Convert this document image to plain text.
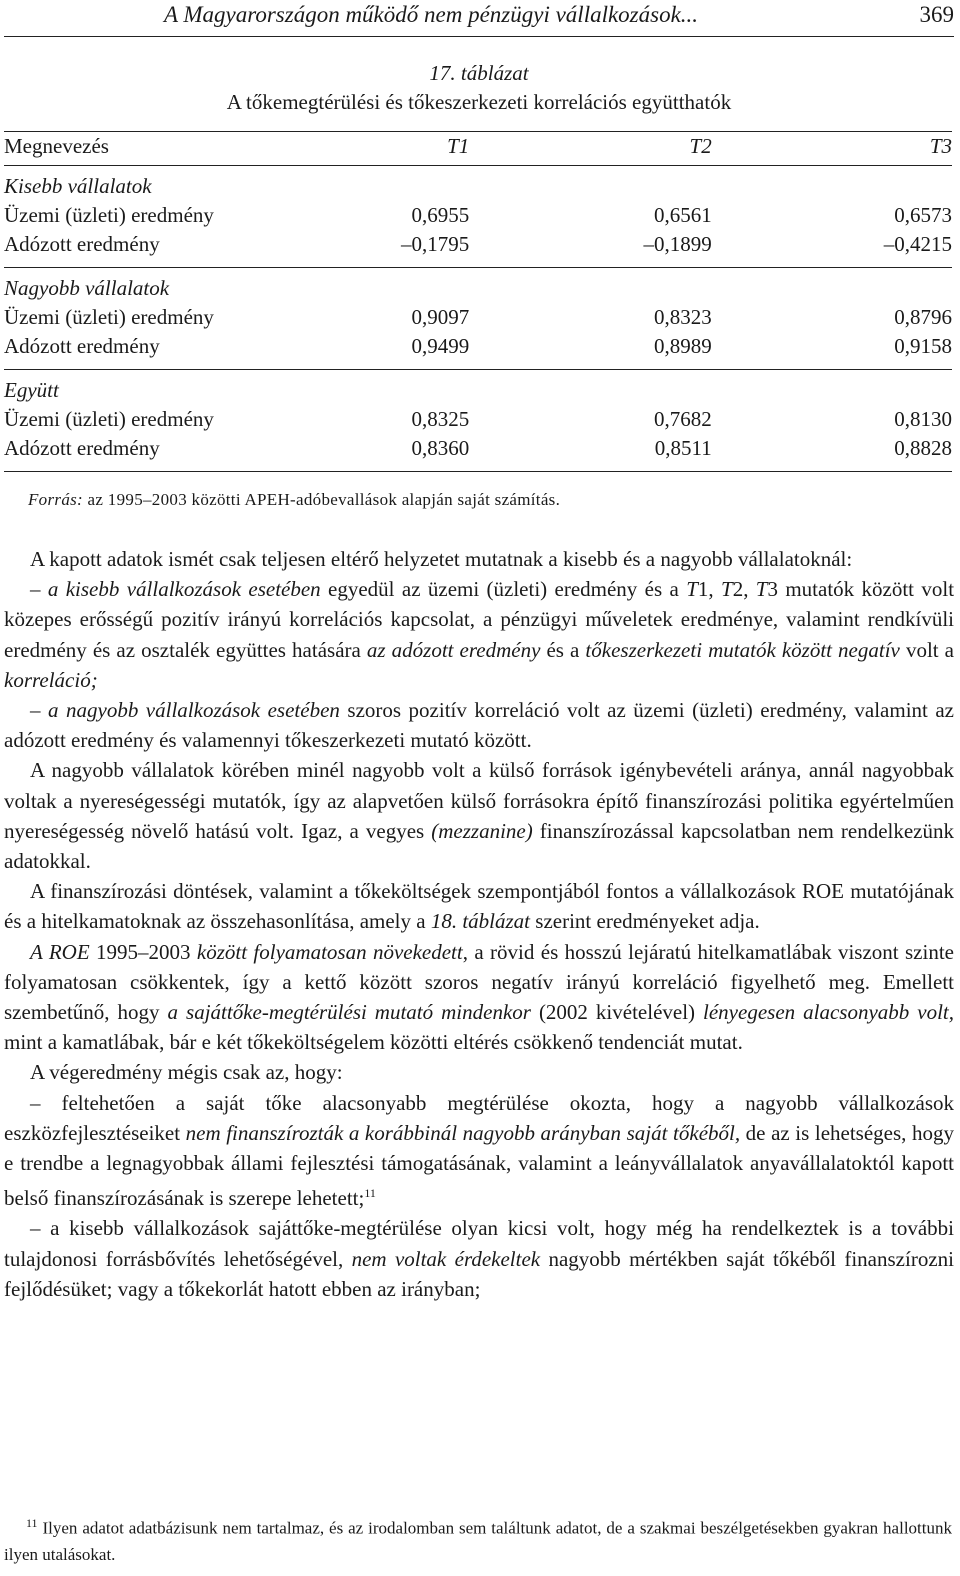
A Magyarországon működő nem pénzügyi vállalkozások...	369
17. táblázat
A tőkemegtérülési és tőkeszerkezeti korrelációs együtthatók

Megnevezés	T1	T2	T3

Kisebb vállalatok			
Üzemi (üzleti) eredmény	0,6955	0,6561	0,6573
Adózott eredmény	–0,1795	–0,1899	–0,4215

Nagyobb vállalatok			
Üzemi (üzleti) eredmény	0,9097	0,8323	0,8796
Adózott eredmény	0,9499	0,8989	0,9158

Együtt			
Üzemi (üzleti) eredmény	0,8325	0,7682	0,8130
Adózott eredmény	0,8360	0,8511	0,8828

Forrás: az 1995–2003 közötti APEH-adóbevallások alapján saját számítás.

A kapott adatok ismét csak teljesen eltérő helyzetet mutatnak a kisebb és a nagyobb vállalatoknál:

– a kisebb vállalkozások esetében egyedül az üzemi (üzleti) eredmény és a T1, T2, T3 mutatók között volt közepes erősségű pozitív irányú korrelációs kapcsolat, a pénzügyi műveletek eredménye, valamint rendkívüli eredmény és az osztalék együttes hatására az adózott eredmény és a tőkeszerkezeti mutatók között negatív volt a korreláció;

– a nagyobb vállalkozások esetében szoros pozitív korreláció volt az üzemi (üzleti) eredmény, valamint az adózott eredmény és valamennyi tőkeszerkezeti mutató között.

A nagyobb vállalatok körében minél nagyobb volt a külső források igénybevételi aránya, annál nagyobbak voltak a nyereségességi mutatók, így az alapvetően külső forrásokra építő finanszírozási politika egyértelműen nyereségesség növelő hatású volt. Igaz, a vegyes (mezzanine) finanszírozással kapcsolatban nem rendelkezünk adatokkal.

A finanszírozási döntések, valamint a tőkeköltségek szempontjából fontos a vállalkozások ROE mutatójának és a hitelkamatoknak az összehasonlítása, amely a 18. táblázat szerint eredményeket adja.

A ROE 1995–2003 között folyamatosan növekedett, a rövid és hosszú lejáratú hitelkamatlábak viszont szinte folyamatosan csökkentek, így a kettő között szoros negatív irányú korreláció figyelhető meg. Emellett szembetűnő, hogy a sajáttőke-megtérülési mutató mindenkor (2002 kivételével) lényegesen alacsonyabb volt, mint a kamatlábak, bár e két tőkeköltségelem közötti eltérés csökkenő tendenciát mutat.

A végeredmény mégis csak az, hogy:

– feltehetően a saját tőke alacsonyabb megtérülése okozta, hogy a nagyobb vállalkozások eszközfejlesztéseiket nem finanszírozták a korábbinál nagyobb arányban saját tőkéből, de az is lehetséges, hogy e trendbe a legnagyobbak állami fejlesztési támogatásának, valamint a leányvállalatok anyavállalatoktól kapott belső finanszírozásának is szerepe lehetett;$^{11}$

– a kisebb vállalkozások sajáttőke-megtérülése olyan kicsi volt, hogy még ha rendelkeztek is a további tulajdonosi forrásbővítés lehetőségével, nem voltak érdekeltek nagyobb mértékben saját tőkéből finanszírozni fejlődésüket; vagy a tőkekorlát hatott ebben az irányban;

$^{11}$ Ilyen adatot adatbázisunk nem tartalmaz, és az irodalomban sem találtunk adatot, de a szakmai beszélgetésekben gyakran hallottunk ilyen utalásokat.
